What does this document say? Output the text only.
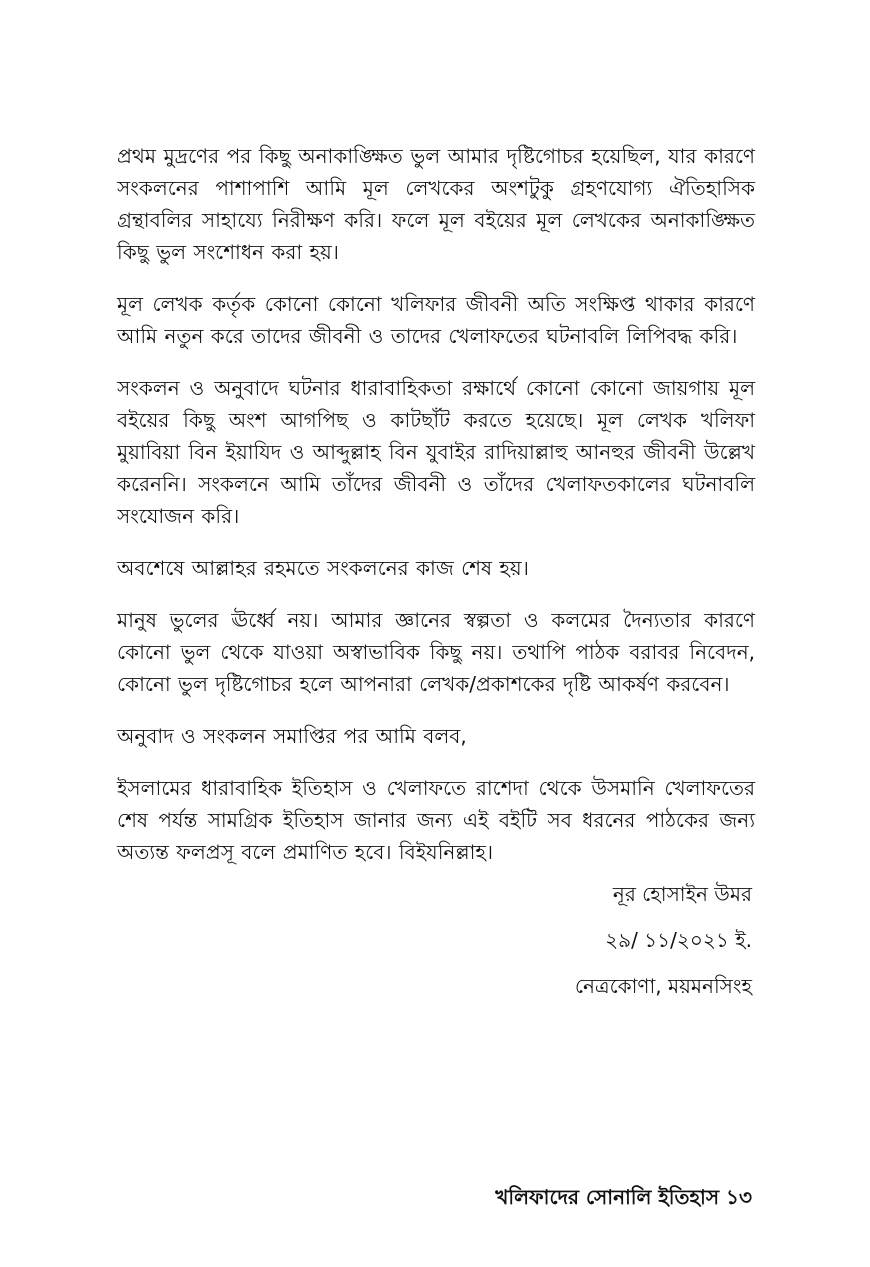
প্রথম মুদ্রণের পর কিছু অনাকাঙ্ক্ষিত ভুল আমার দৃষ্টিগোচর হয়েছিল, যার কারণে সংকলনের পাশাপাশি আমি মূল লেখকের অংশটুকু গ্রহণযোগ্য ঐতিহাসিক গ্রন্থাবলির সাহায্যে নিরীক্ষণ করি। ফলে মূল বইয়ের মূল লেখকের অনাকাঙ্ক্ষিত কিছু ভুল সংশোধন করা হয়।

মূল লেখক কর্তৃক কোনো কোনো খলিফার জীবনী অতি সংক্ষিপ্ত থাকার কারণে আমি নতুন করে তাদের জীবনী ও তাদের খেলাফতের ঘটনাবলি লিপিবদ্ধ করি।

সংকলন ও অনুবাদে ঘটনার ধারাবাহিকতা রক্ষার্থে কোনো কোনো জায়গায় মূল বইয়ের কিছু অংশ আগপিছ ও কাটছাঁট করতে হয়েছে। মূল লেখক খলিফা মুয়াবিয়া বিন ইয়াযিদ ও আব্দুল্লাহ বিন যুবাইর রাদিয়াল্লাহু আনহুর জীবনী উল্লেখ করেননি। সংকলনে আমি তাঁদের জীবনী ও তাঁদের খেলাফতকালের ঘটনাবলি সংযোজন করি।

অবশেষে আল্লাহর রহমতে সংকলনের কাজ শেষ হয়।

মানুষ ভুলের ঊর্ধ্বে নয়। আমার জ্ঞানের স্বল্পতা ও কলমের দৈন্যতার কারণে কোনো ভুল থেকে যাওয়া অস্বাভাবিক কিছু নয়। তথাপি পাঠক বরাবর নিবেদন, কোনো ভুল দৃষ্টিগোচর হলে আপনারা লেখক/প্রকাশকের দৃষ্টি আকর্ষণ করবেন।

অনুবাদ ও সংকলন সমাপ্তির পর আমি বলব,

ইসলামের ধারাবাহিক ইতিহাস ও খেলাফতে রাশেদা থেকে উসমানি খেলাফতের শেষ পর্যন্ত সামগ্রিক ইতিহাস জানার জন্য এই বইটি সব ধরনের পাঠকের জন্য অত্যন্ত ফলপ্রসূ বলে প্রমাণিত হবে। বিইযনিল্লাহ।

নূর হোসাইন উমর
২৯/ ১১/২০২১ ই.
নেত্রকোণা, ময়মনসিংহ
খলিফাদের সোনালি ইতিহাস ১৩
